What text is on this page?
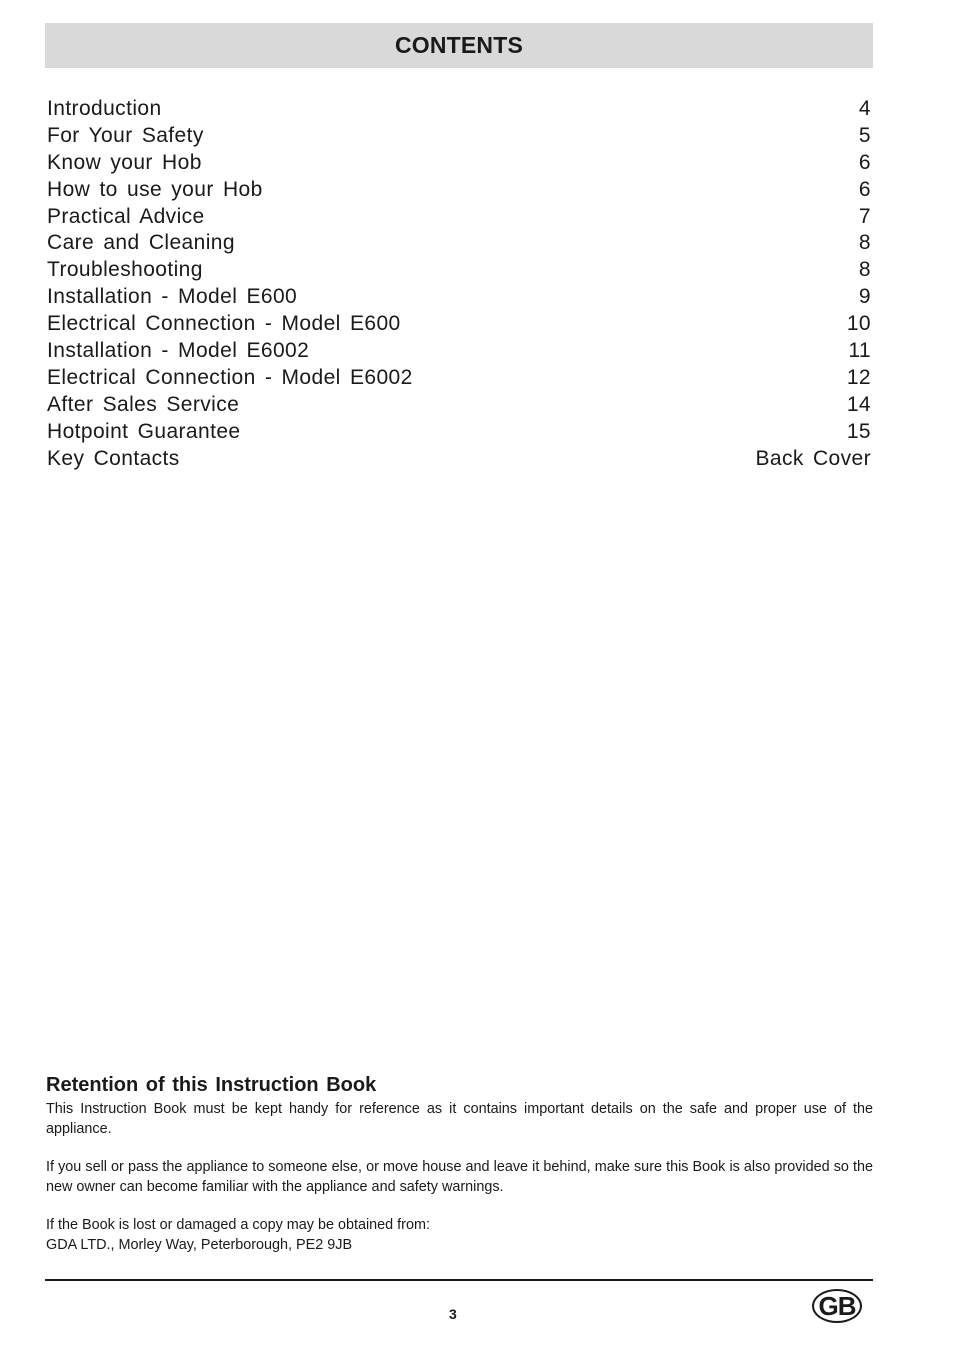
CONTENTS
Introduction	4
For Your Safety	5
Know your Hob	6
How to use your Hob	6
Practical Advice	7
Care and Cleaning	8
Troubleshooting	8
Installation - Model E600	9
Electrical Connection - Model E600	10
Installation - Model E6002	11
Electrical Connection - Model E6002	12
After Sales Service	14
Hotpoint Guarantee	15
Key Contacts	Back Cover
Retention of this Instruction Book

This Instruction Book must be kept handy for reference as it contains important details on the safe and proper use of the appliance.

If you sell or pass the appliance to someone else, or move house and leave it behind, make sure this Book is also provided so the new owner can become familiar with the appliance and safety warnings.

If the Book is lost or damaged a copy may be obtained from:
GDA LTD., Morley Way, Peterborough, PE2 9JB

3	GB
